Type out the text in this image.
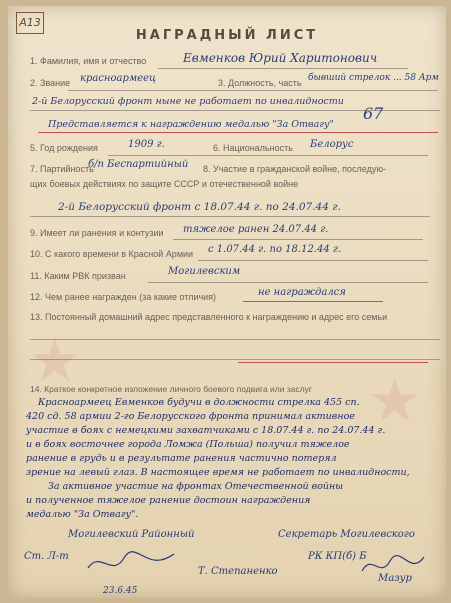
A13
НАГРАДНЫЙ ЛИСТ
1. Фамилия, имя и отчество	Евменков Юрий Харитонович
2. Звание красноармеец	3. Должность, часть бывший стрелок ... 58 Арм
2-й Белорусский фронт ныне не работает по инвалидности
Представляется к награждению медалью "За Отвагу"
67
5. Год рождения	1909 г.	6. Национальность Белорус
7. Партийность
б/п Беспартийный 8. Участие в гражданской войне, последую-
щих боевых действиях по защите СССР и отечественной войне
2-й Белорусский фронт с 18.07.44 г. по 24.07.44 г.
9. Имеет ли ранения и контузии тяжелое ранен 24.07.44 г.
10. С какого времени в Красной Армии с 1.07.44 г. по 18.12.44 г.
11. Каким РВК призван	Могилевским
12. Чем ранее награжден (за какие отличия)	не награждался
13. Постоянный домашний адрес представленного к награждению и адрес его семьи
★
★
14. Краткое конкретное изложение личного боевого подвига или заслуг
Красноармеец Евменков будучи в должности стрелка 455 сп.
420 сд. 58 армии 2-го Белорусского фронта принимал активное
участие в боях с немецкими захватчиками с 18.07.44 г. по 24.07.44 г.
и в боях восточнее города Ломжа (Польша) получил тяжелое
ранение в грудь и в результате ранения частично потерял
зрение на левый глаз. В настоящее время не работает по инвалидности,
За активное участие на фронтах Отечественной войны
и полученное тяжелое ранение достоин награждения
медалью "За Отвагу".
Могилевский Районный	Секретарь Могилевского
Ст. Л-т	РК КП(б) Б
Т. Степаненко
Мазур
23.6.45
